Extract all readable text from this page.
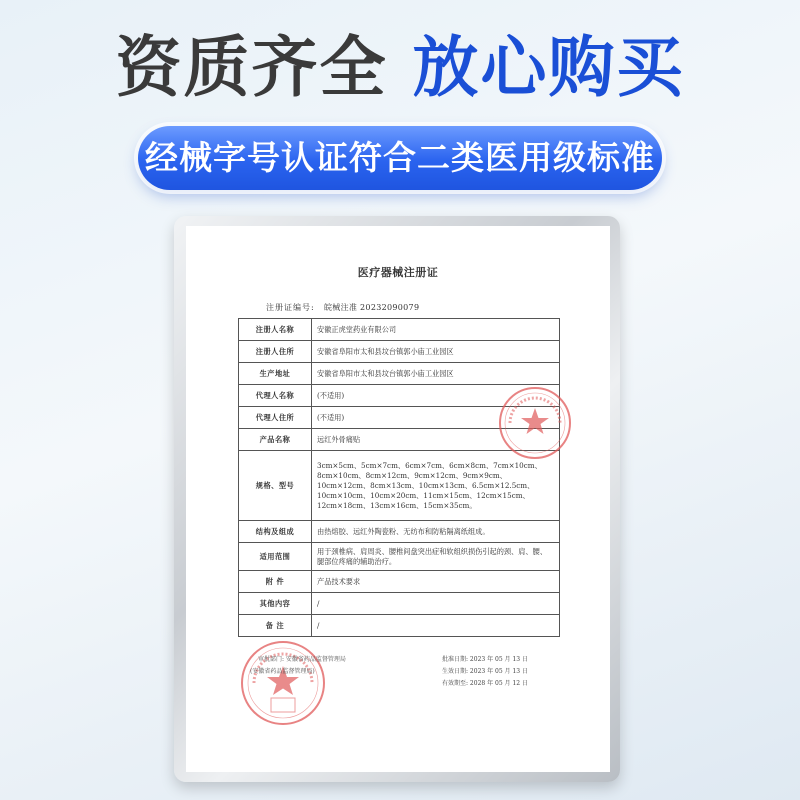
资质齐全 放心购买
经械字号认证符合二类医用级标准
医疗器械注册证
注册证编号: 皖械注准 20232090079
注册人名称	安徽正虎堂药业有限公司
注册人住所	安徽省阜阳市太和县坟台镇郭小庙工业园区
生产地址	安徽省阜阳市太和县坟台镇郭小庙工业园区
代理人名称	(不适用)
代理人住所	(不适用)
产品名称	远红外骨痛贴
规格、型号	3cm×5cm、5cm×7cm、6cm×7cm、6cm×8cm、7cm×10cm、8cm×10cm、8cm×12cm、9cm×12cm、9cm×9cm、10cm×12cm、8cm×13cm、10cm×13cm、6.5cm×12.5cm、10cm×10cm、10cm×20cm、11cm×15cm、12cm×15cm、12cm×18cm、13cm×16cm、15cm×35cm。
结构及组成	由热熔胶、远红外陶瓷粉、无纺布和防粘隔离纸组成。
适用范围	用于颈椎病、肩周炎、腰椎间盘突出症和软组织损伤引起的颈、肩、腰、腿部位疼痛的辅助治疗。
附 件	产品技术要求
其他内容	/
备 注	/
审批部门: 安徽省药品监督管理局
(安徽省药品监督管理局)
批准日期: 2023 年 05 月 13 日
生效日期: 2023 年 05 月 13 日
有效期至: 2028 年 05 月 12 日
